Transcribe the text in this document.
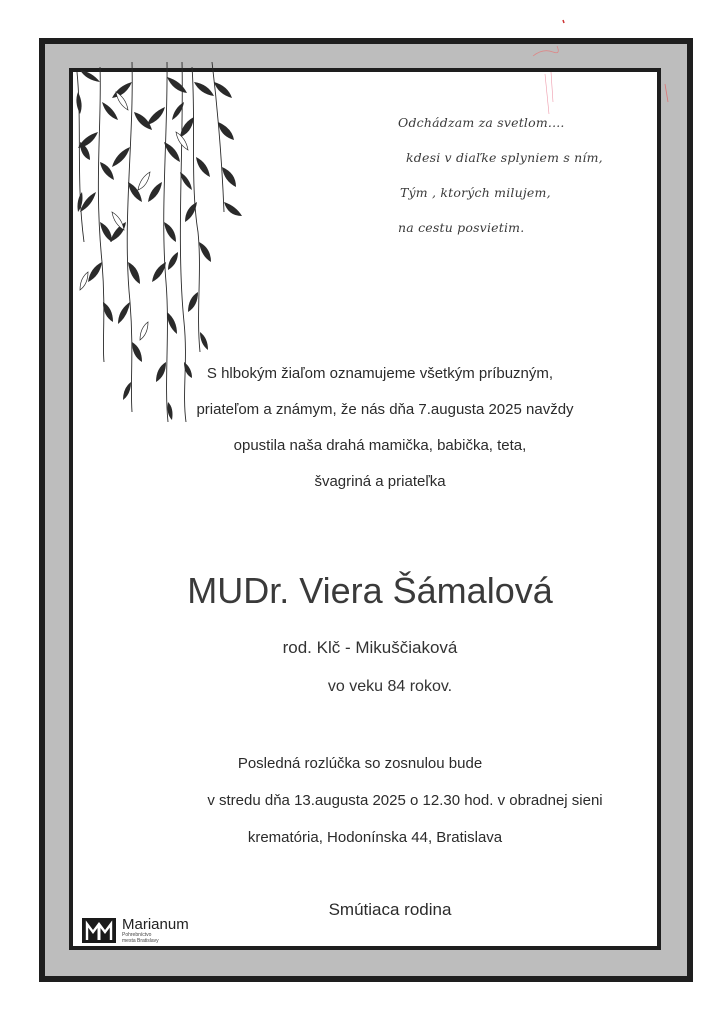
Odchádzam za svetlom....
kdesi v diaľke splyniem s ním,
Tým , ktorých milujem,
na cestu posvietim.
S hlbokým žiaľom oznamujeme všetkým príbuzným,
priateľom a známym, že nás dňa 7.augusta 2025 navždy
opustila naša drahá mamička, babička, teta,
švagriná a priateľka
MUDr. Viera Šámalová
rod. Klč - Mikuščiaková
vo veku 84 rokov.
Posledná rozlúčka so zosnulou bude
v stredu dňa 13.augusta 2025 o 12.30 hod. v obradnej sieni
krematória, Hodonínska 44, Bratislava
Smútiaca rodina
Marianum
Pohrebníctvo
mesta Bratislavy
